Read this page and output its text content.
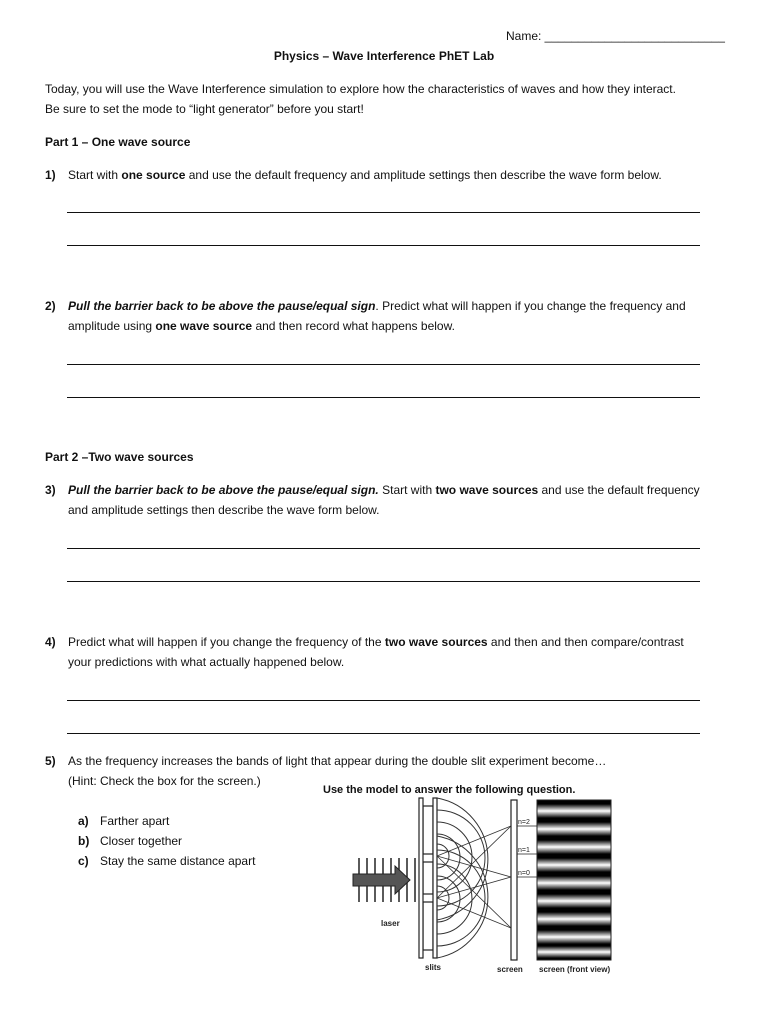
Name: ___________________________
Physics – Wave Interference PhET Lab
Today, you will use the Wave Interference simulation to explore how the characteristics of waves and how they interact.
Be sure to set the mode to “light generator” before you start!
Part 1 – One wave source
1) Start with one source and use the default frequency and amplitude settings then describe the wave form below.
2) Pull the barrier back to be above the pause/equal sign. Predict what will happen if you change the frequency and
amplitude using one wave source and then record what happens below.
Part 2 –Two wave sources
3) Pull the barrier back to be above the pause/equal sign. Start with two wave sources and use the default frequency
and amplitude settings then describe the wave form below.
4) Predict what will happen if you change the frequency of the two wave sources and then and then compare/contrast
your predictions with what actually happened below.
5) As the frequency increases the bands of light that appear during the double slit experiment become…
(Hint: Check the box for the screen.)
a) Farther apart
b) Closer together
c) Stay the same distance apart
Use the model to answer the following question.
n=2
n=1
n=0
laser
slits	screen screen (front view)
